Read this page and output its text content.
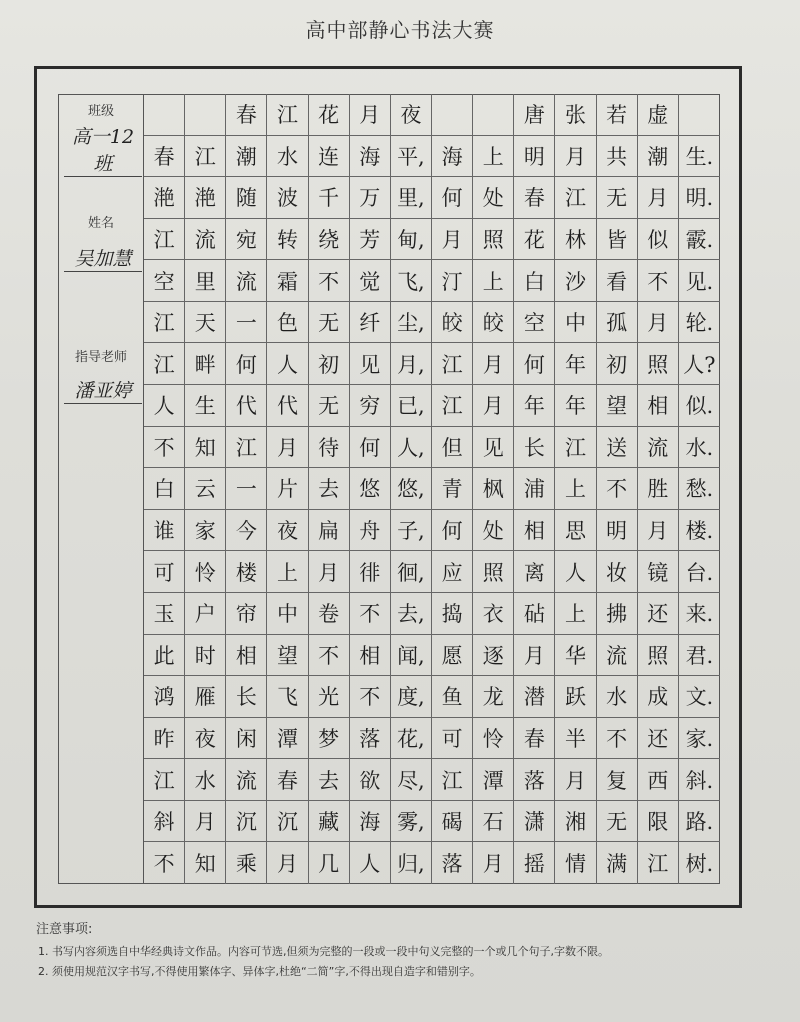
高中部静心书法大赛
班级
高一12班
姓名
吴加慧
指导老师
潘亚婷
春 江 花 月 夜	唐 张 若 虚
春 江 潮 水 连 海 平, 海 上 明 月 共 潮 生.
滟 滟 随 波 千 万 里, 何 处 春 江 无 月 明.
江 流 宛 转 绕 芳 甸, 月 照 花 林 皆 似 霰.
空 里 流 霜 不 觉 飞, 汀 上 白 沙 看 不 见.
江 天 一 色 无 纤 尘, 皎 皎 空 中 孤 月 轮.
江 畔 何 人 初 见 月, 江 月 何 年 初 照 人?
人 生 代 代 无 穷 已, 江 月 年 年 望 相 似.
不 知 江 月 待 何 人, 但 见 长 江 送 流 水.
白 云 一 片 去 悠 悠, 青 枫 浦 上 不 胜 愁.
谁 家 今 夜 扁 舟 子, 何 处 相 思 明 月 楼.
可 怜 楼 上 月 徘 徊, 应 照 离 人 妆 镜 台.
玉 户 帘 中 卷 不 去, 捣 衣 砧 上 拂 还 来.
此 时 相 望 不 相 闻, 愿 逐 月 华 流 照 君.
鸿 雁 长 飞 光 不 度, 鱼 龙 潜 跃 水 成 文.
昨 夜 闲 潭 梦 落 花, 可 怜 春 半 不 还 家.
江 水 流 春 去 欲 尽, 江 潭 落 月 复 西 斜.
斜 月 沉 沉 藏 海 雾, 碣 石 潇 湘 无 限 路.
不 知 乘 月 几 人 归, 落 月 摇 情 满 江 树.
注意事项:
1. 书写内容须选自中华经典诗文作品。内容可节选,但须为完整的一段或一段中句义完整的一个或几个句子,字数不限。
2. 须使用规范汉字书写,不得使用繁体字、异体字,杜绝“二简”字,不得出现自造字和错别字。
